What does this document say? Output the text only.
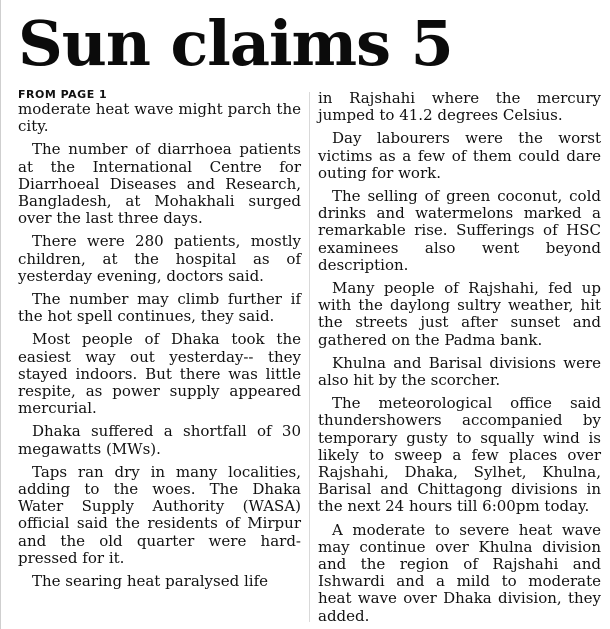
Sun claims 5
FROM PAGE 1

moderate heat wave might parch the city.

The number of diarrhoea patients at the International Centre for Diarrhoeal Diseases and Research, Bangladesh, at Mohakhali surged over the last three days.

There were 280 patients, mostly children, at the hospital as of yesterday evening, doctors said.

The number may climb further if the hot spell continues, they said.

Most people of Dhaka took the easiest way out yesterday-- they stayed indoors. But there was little respite, as power supply appeared mercurial.

Dhaka suffered a shortfall of 30 megawatts (MWs).

Taps ran dry in many localities, adding to the woes. The Dhaka Water Supply Authority (WASA) official said the residents of Mirpur and the old quarter were hard-pressed for it.

The searing heat paralysed life

in Rajshahi where the mercury jumped to 41.2 degrees Celsius.

Day labourers were the worst victims as a few of them could dare outing for work.

The selling of green coconut, cold drinks and watermelons marked a remarkable rise. Sufferings of HSC examinees also went beyond description.

Many people of Rajshahi, fed up with the daylong sultry weather, hit the streets just after sunset and gathered on the Padma bank.

Khulna and Barisal divisions were also hit by the scorcher.

The meteorological office said thundershowers accompanied by temporary gusty to squally wind is likely to sweep a few places over Rajshahi, Dhaka, Sylhet, Khulna, Barisal and Chittagong divisions in the next 24 hours till 6:00pm today.

A moderate to severe heat wave may continue over Khulna division and the region of Rajshahi and Ishwardi and a mild to moderate heat wave over Dhaka division, they added.
